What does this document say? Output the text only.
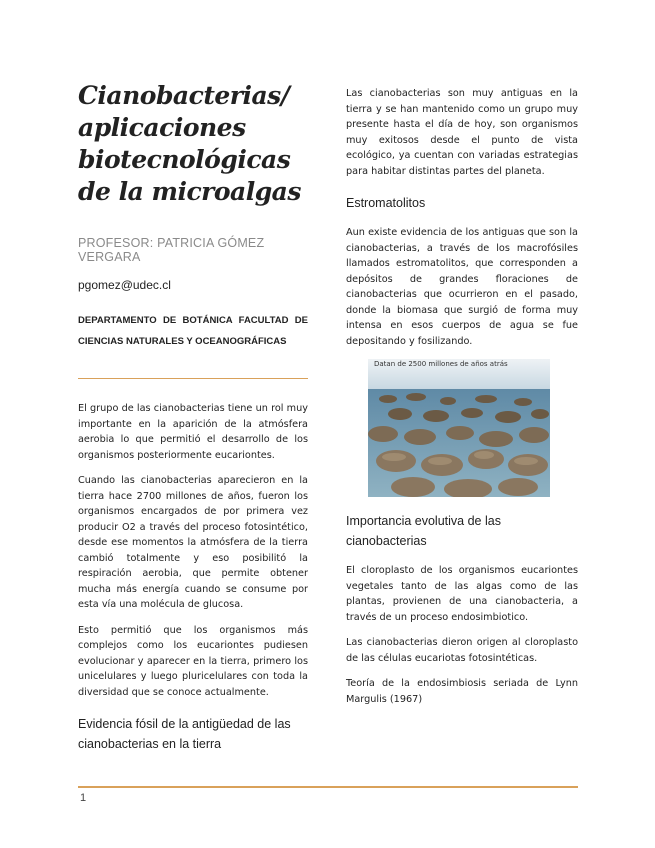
Cianobacterias/ aplicaciones biotecnológicas de la microalgas
PROFESOR: PATRICIA GÓMEZ VERGARA
pgomez@udec.cl
DEPARTAMENTO DE BOTÁNICA FACULTAD DE CIENCIAS NATURALES Y OCEANOGRÁFICAS

El grupo de las cianobacterias tiene un rol muy importante en la aparición de la atmósfera aerobia lo que permitió el desarrollo de los organismos posteriormente eucariontes.

Cuando las cianobacterias aparecieron en la tierra hace 2700 millones de años, fueron los organismos encargados de por primera vez producir O2 a través del proceso fotosintético, desde ese momentos la atmósfera de la tierra cambió totalmente y eso posibilitó la respiración aerobia, que permite obtener mucha más energía cuando se consume por esta vía una molécula de glucosa.

Esto permitió que los organismos más complejos como los eucariontes pudiesen evolucionar y aparecer en la tierra, primero los unicelulares y luego pluricelulares con toda la diversidad que se conoce actualmente.

Evidencia fósil de la antigüedad de las cianobacterias en la tierra

Las cianobacterias son muy antiguas en la tierra y se han mantenido como un grupo muy presente hasta el día de hoy, son organismos muy exitosos desde el punto de vista ecológico, ya cuentan con variadas estrategias para habitar distintas partes del planeta.

Estromatolitos

Aun existe evidencia de los antiguas que son la cianobacterias, a través de los macrofósiles llamados estromatolitos, que corresponden a depósitos de grandes floraciones de cianobacterias que ocurrieron en el pasado, donde la biomasa que surgió de forma muy intensa en esos cuerpos de agua se fue depositando y fosilizando.

Datan de 2500 millones de años atrás
Importancia evolutiva de las cianobacterias

El cloroplasto de los organismos eucariontes vegetales tanto de las algas como de las plantas, provienen de una cianobacteria, a través de un proceso endosimbiotico.

Las cianobacterias dieron origen al cloroplasto de las células eucariotas fotosintéticas.

Teoría de la endosimbiosis seriada de Lynn Margulis (1967)

1
